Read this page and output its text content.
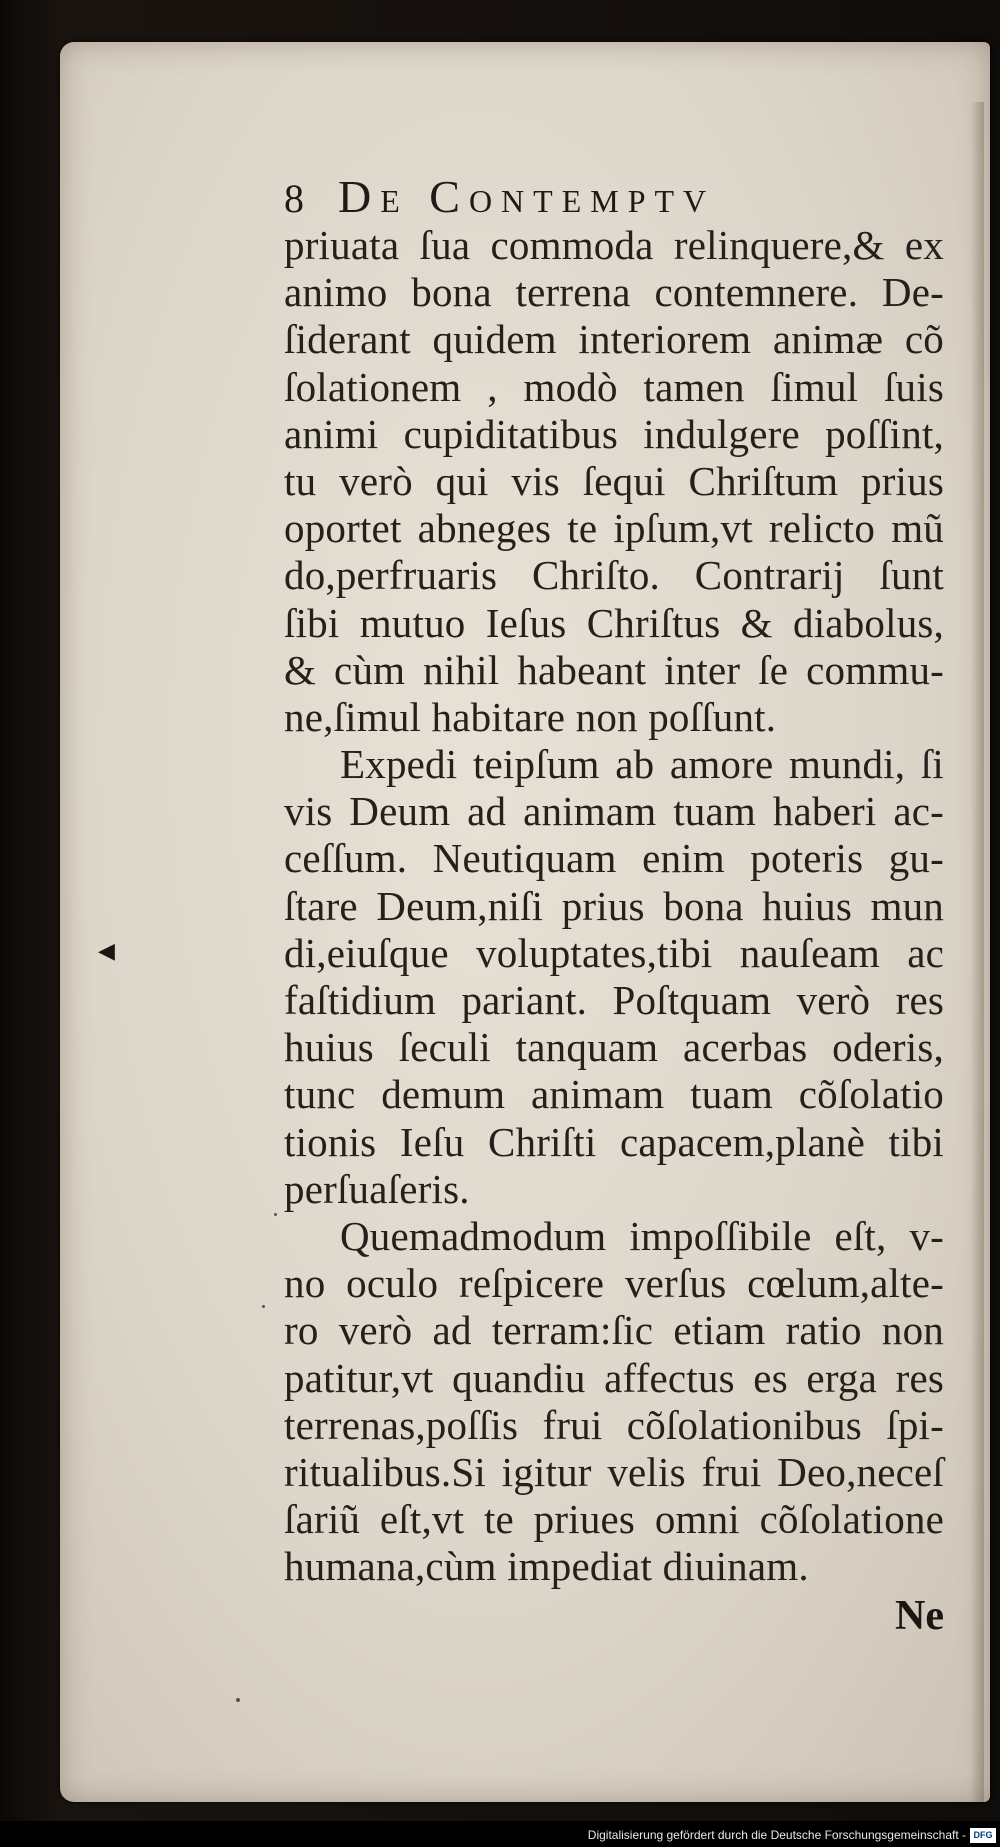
◀
8 De Contemptv
priuata ſua commoda relinquere,& ex
animo bona terrena contemnere. De-
ſiderant quidem interiorem animæ cõ
ſolationem , modò tamen ſimul ſuis
animi cupiditatibus indulgere poſſint,
tu verò qui vis ſequi Chriſtum prius
oportet abneges te ipſum,vt relicto mũ
do,perfruaris Chriſto. Contrarij ſunt
ſibi mutuo Ieſus Chriſtus & diabolus,
& cùm nihil habeant inter ſe commu-
ne,ſimul habitare non poſſunt.
Expedi teipſum ab amore mundi, ſi
vis Deum ad animam tuam haberi ac-
ceſſum. Neutiquam enim poteris gu-
ſtare Deum,niſi prius bona huius mun
di,eiuſque voluptates,tibi nauſeam ac
faſtidium pariant. Poſtquam verò res
huius ſeculi tanquam acerbas oderis,
tunc demum animam tuam cõſolatio
tionis Ieſu Chriſti capacem,planè tibi
perſuaſeris.
Quemadmodum impoſſibile eſt, v-
no oculo reſpicere verſus cœlum,alte-
ro verò ad terram:ſic etiam ratio non
patitur,vt quandiu affectus es erga res
terrenas,poſſis frui cõſolationibus ſpi-
ritualibus.Si igitur velis frui Deo,neceſ
ſariũ eſt,vt te priues omni cõſolatione
humana,cùm impediat diuinam.
Ne
Digitalisierung gefördert durch die Deutsche Forschungsgemeinschaft - DFG
